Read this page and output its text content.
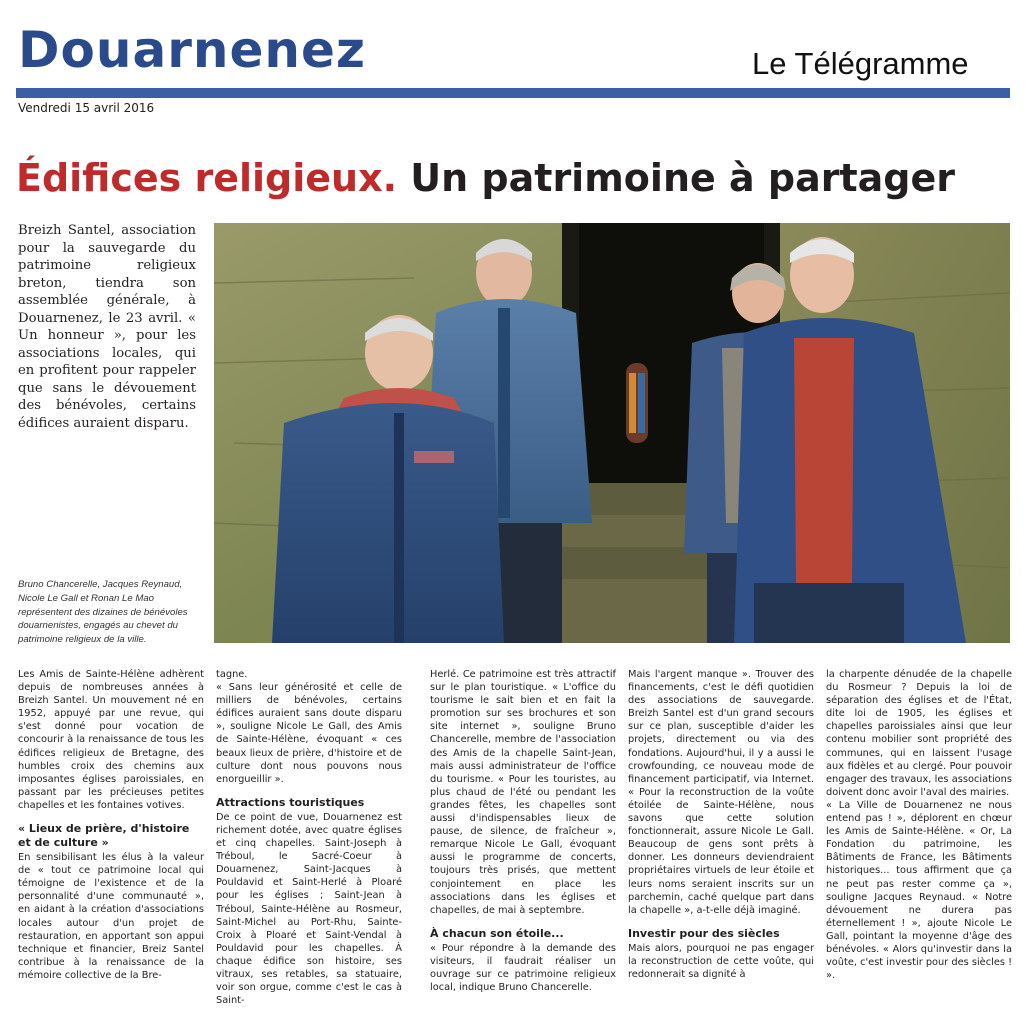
Douarnenez	Le Télégramme
Vendredi 15 avril 2016
Édifices religieux. Un patrimoine à partager
Breizh Santel, association pour la sauvegarde du patrimoine religieux breton, tiendra son assemblée générale, à Douarnenez, le 23 avril. « Un honneur », pour les associations locales, qui en profitent pour rappeler que sans le dévouement des bénévoles, certains édifices auraient disparu.
Bruno Chancerelle, Jacques Reynaud, Nicole Le Gall et Ronan Le Mao représentent des dizaines de bénévoles douarnenistes, engagés au chevet du patrimoine religieux de la ville.

Les Amis de Sainte-Hélène adhèrent depuis de nombreuses années à Breizh Santel. Un mouvement né en 1952, appuyé par une revue, qui s'est donné pour vocation de concourir à la renaissance de tous les édifices religieux de Bretagne, des humbles croix des chemins aux imposantes églises paroissiales, en passant par les précieuses petites chapelles et les fontaines votives.

« Lieux de prière, d'histoire et de culture »

En sensibilisant les élus à la valeur de « tout ce patrimoine local qui témoigne de l'existence et de la personnalité d'une communauté », en aidant à la création d'associations locales autour d'un projet de restauration, en apportant son appui technique et financier, Breiz Santel contribue à la renaissance de la mémoire collective de la Bre-

tagne.

« Sans leur générosité et celle de milliers de bénévoles, certains édifices auraient sans doute disparu », souligne Nicole Le Gall, des Amis de Sainte-Hélène, évoquant « ces beaux lieux de prière, d'histoire et de culture dont nous pouvons nous enorgueillir ».

Attractions touristiques

De ce point de vue, Douarnenez est richement dotée, avec quatre églises et cinq chapelles. Saint-Joseph à Tréboul, le Sacré-Coeur à Douarnenez, Saint-Jacques à Pouldavid et Saint-Herlé à Ploaré pour les églises ; Saint-Jean à Tréboul, Sainte-Hélène au Rosmeur, Saint-Michel au Port-Rhu, Sainte-Croix à Ploaré et Saint-Vendal à Pouldavid pour les chapelles. À chaque édifice son histoire, ses vitraux, ses retables, sa statuaire, voir son orgue, comme c'est le cas à Saint-

Herlé. Ce patrimoine est très attractif sur le plan touristique. « L'office du tourisme le sait bien et en fait la promotion sur ses brochures et son site internet », souligne Bruno Chancerelle, membre de l'association des Amis de la chapelle Saint-Jean, mais aussi administrateur de l'office du tourisme. « Pour les touristes, au plus chaud de l'été ou pendant les grandes fêtes, les chapelles sont aussi d'indispensables lieux de pause, de silence, de fraîcheur », remarque Nicole Le Gall, évoquant aussi le programme de concerts, toujours très prisés, que mettent conjointement en place les associations dans les églises et chapelles, de mai à septembre.

À chacun son étoile...

« Pour répondre à la demande des visiteurs, il faudrait réaliser un ouvrage sur ce patrimoine religieux local, indique Bruno Chancerelle.

Mais l'argent manque ». Trouver des financements, c'est le défi quotidien des associations de sauvegarde. Breizh Santel est d'un grand secours sur ce plan, susceptible d'aider les projets, directement ou via des fondations. Aujourd'hui, il y a aussi le crowfounding, ce nouveau mode de financement participatif, via Internet. « Pour la reconstruction de la voûte étoilée de Sainte-Hélène, nous savons que cette solution fonctionnerait, assure Nicole Le Gall. Beaucoup de gens sont prêts à donner. Les donneurs deviendraient propriétaires virtuels de leur étoile et leurs noms seraient inscrits sur un parchemin, caché quelque part dans la chapelle », a-t-elle déjà imaginé.

Investir pour des siècles

Mais alors, pourquoi ne pas engager la reconstruction de cette voûte, qui redonnerait sa dignité à

la charpente dénudée de la chapelle du Rosmeur ? Depuis la loi de séparation des églises et de l'État, dite loi de 1905, les églises et chapelles paroissiales ainsi que leur contenu mobilier sont propriété des communes, qui en laissent l'usage aux fidèles et au clergé. Pour pouvoir engager des travaux, les associations doivent donc avoir l'aval des mairies.

« La Ville de Douarnenez ne nous entend pas ! », déplorent en chœur les Amis de Sainte-Hélène. « Or, La Fondation du patrimoine, les Bâtiments de France, les Bâtiments historiques... tous affirment que ça ne peut pas rester comme ça », souligne Jacques Reynaud. « Notre dévouement ne durera pas éternellement ! », ajoute Nicole Le Gall, pointant la moyenne d'âge des bénévoles. « Alors qu'investir dans la voûte, c'est investir pour des siècles ! ».
